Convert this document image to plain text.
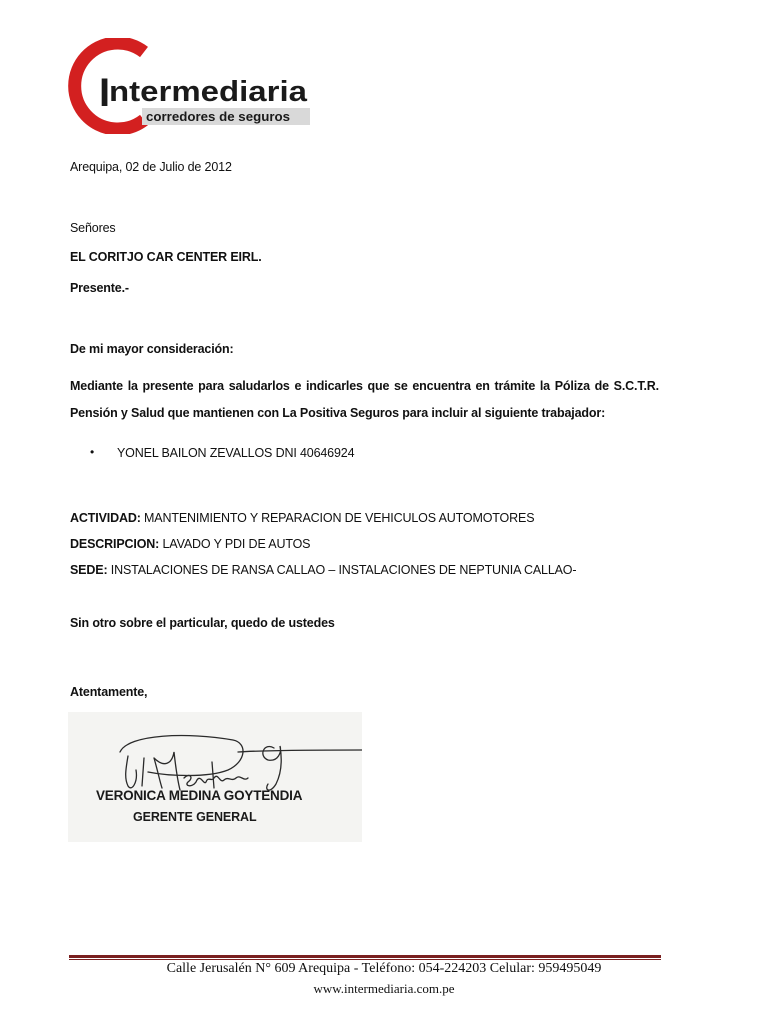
I
ntermediaria
corredores de seguros
Arequipa, 02 de Julio de 2012
Señores
EL CORITJO CAR CENTER EIRL.
Presente.-
De mi mayor consideración:
Mediante la presente para saludarlos e indicarles que se encuentra en trámite la Póliza de S.C.T.R.
Pensión y Salud que mantienen con La Positiva Seguros para incluir al siguiente trabajador:
• YONEL BAILON ZEVALLOS DNI 40646924
ACTIVIDAD: MANTENIMIENTO Y REPARACION DE VEHICULOS AUTOMOTORES
DESCRIPCION: LAVADO Y PDI DE AUTOS
SEDE: INSTALACIONES DE RANSA CALLAO – INSTALACIONES DE NEPTUNIA CALLAO-
Sin otro sobre el particular, quedo de ustedes
Atentamente,
VERONICA MEDINA GOYTENDIA
GERENTE GENERAL
Calle Jerusalén N° 609 Arequipa - Teléfono: 054-224203 Celular: 959495049
www.intermediaria.com.pe
